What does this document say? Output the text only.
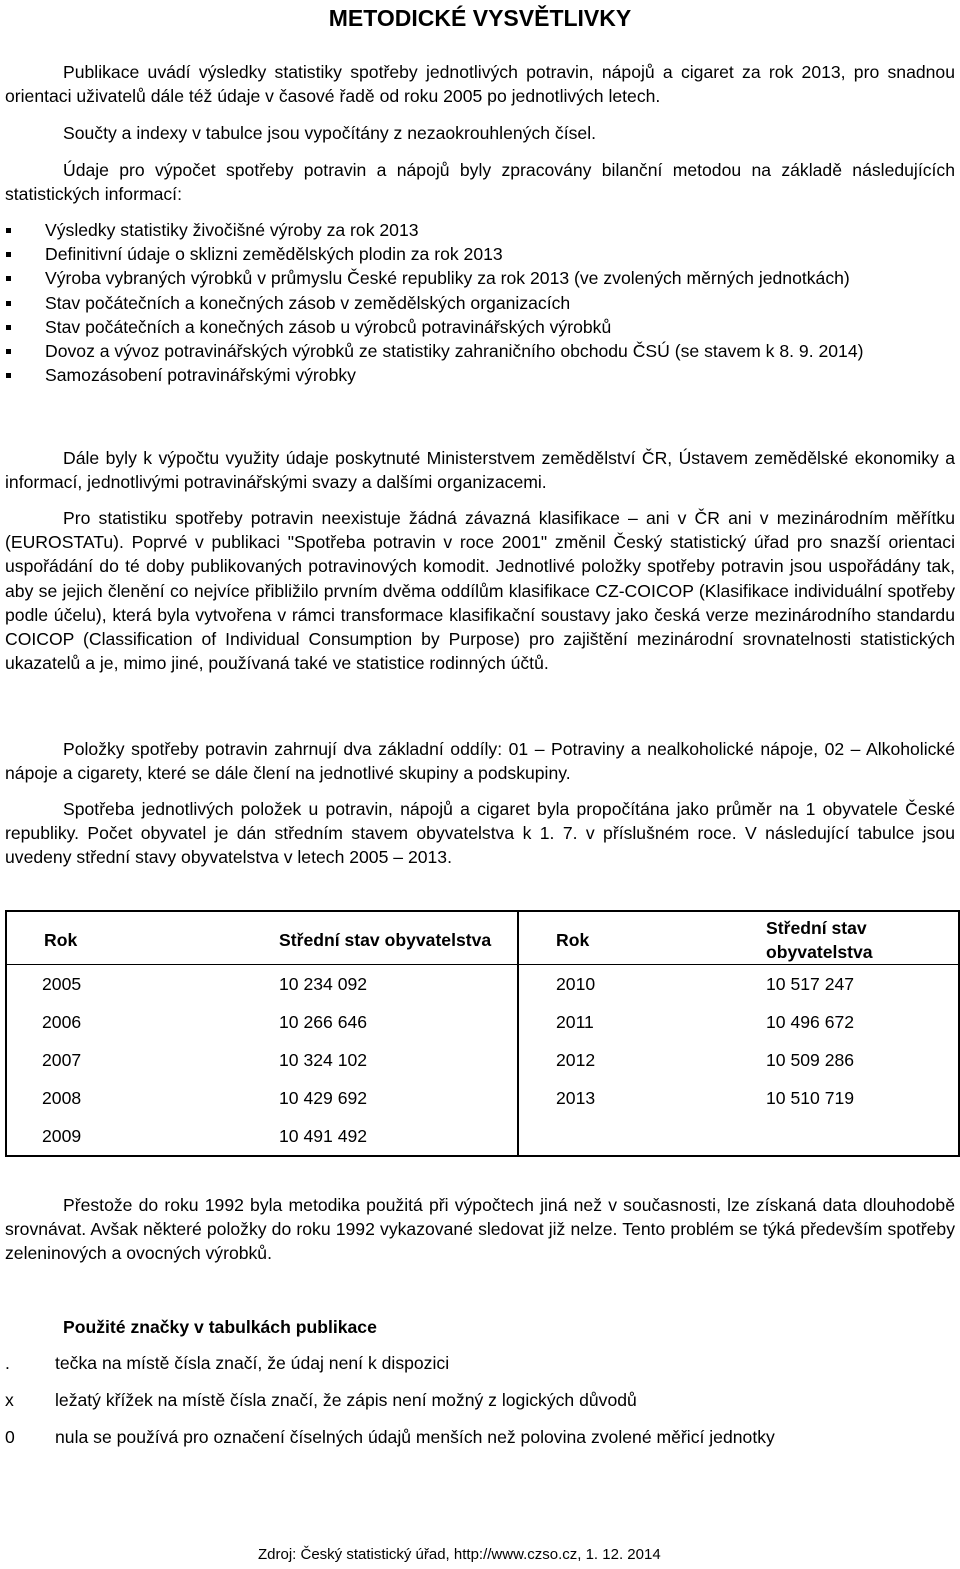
METODICKÉ VYSVĚTLIVKY

Publikace uvádí výsledky statistiky spotřeby jednotlivých potravin, nápojů a cigaret za rok 2013, pro snadnou orientaci uživatelů dále též údaje v časové řadě od roku 2005 po jednotlivých letech.

Součty a indexy v tabulce jsou vypočítány z nezaokrouhlených čísel.

Údaje pro výpočet spotřeby potravin a nápojů byly zpracovány bilanční metodou na základě následujících statistických informací:

Výsledky statistiky živočišné výroby za rok 2013
Definitivní údaje o sklizni zemědělských plodin za rok 2013
Výroba vybraných výrobků v průmyslu České republiky za rok 2013 (ve zvolených měrných jednotkách)
Stav počátečních a konečných zásob v zemědělských organizacích
Stav počátečních a konečných zásob u výrobců potravinářských výrobků
Dovoz a vývoz potravinářských výrobků ze statistiky zahraničního obchodu ČSÚ (se stavem k 8. 9. 2014)
Samozásobení potravinářskými výrobky

Dále byly k výpočtu využity údaje poskytnuté Ministerstvem zemědělství ČR, Ústavem zemědělské ekonomiky a informací, jednotlivými potravinářskými svazy a dalšími organizacemi.

Pro statistiku spotřeby potravin neexistuje žádná závazná klasifikace – ani v ČR ani v mezinárodním měřítku (EUROSTATu). Poprvé v publikaci "Spotřeba potravin v roce 2001" změnil Český statistický úřad pro snazší orientaci uspořádání do té doby publikovaných potravinových komodit. Jednotlivé položky spotřeby potravin jsou uspořádány tak, aby se jejich členění co nejvíce přibližilo prvním dvěma oddílům klasifikace CZ-COICOP (Klasifikace individuální spotřeby podle účelu), která byla vytvořena v rámci transformace klasifikační soustavy jako česká verze mezinárodního standardu COICOP (Classification of Individual Consumption by Purpose) pro zajištění mezinárodní srovnatelnosti statistických ukazatelů a je, mimo jiné, používaná také ve statistice rodinných účtů.

Položky spotřeby potravin zahrnují dva základní oddíly: 01 – Potraviny a nealkoholické nápoje, 02 – Alkoholické nápoje a cigarety, které se dále člení na jednotlivé skupiny a podskupiny.

Spotřeba jednotlivých položek u potravin, nápojů a cigaret byla propočítána jako průměr na 1 obyvatele České republiky. Počet obyvatel je dán středním stavem obyvatelstva k 1. 7. v příslušném roce. V následující tabulce jsou uvedeny střední stavy obyvatelstva v letech 2005 – 2013.

Rok	Střední stav obyvatelstva	Rok	Střední stav obyvatelstva
2005	10 234 092	2010	10 517 247
2006	10 266 646	2011	10 496 672
2007	10 324 102	2012	10 509 286
2008	10 429 692	2013	10 510 719
2009	10 491 492		

Přestože do roku 1992 byla metodika použitá při výpočtech jiná než v současnosti, lze získaná data dlouhodobě srovnávat. Avšak některé položky do roku 1992 vykazované sledovat již nelze. Tento problém se týká především spotřeby zeleninových a ovocných výrobků.

Použité značky v tabulkách publikace
.	tečka na místě čísla značí, že údaj není k dispozici
x ležatý křížek na místě čísla značí, že zápis není možný z logických důvodů
0 nula se používá pro označení číselných údajů menších než polovina zvolené měřicí jednotky
Zdroj: Český statistický úřad, http://www.czso.cz, 1. 12. 2014
